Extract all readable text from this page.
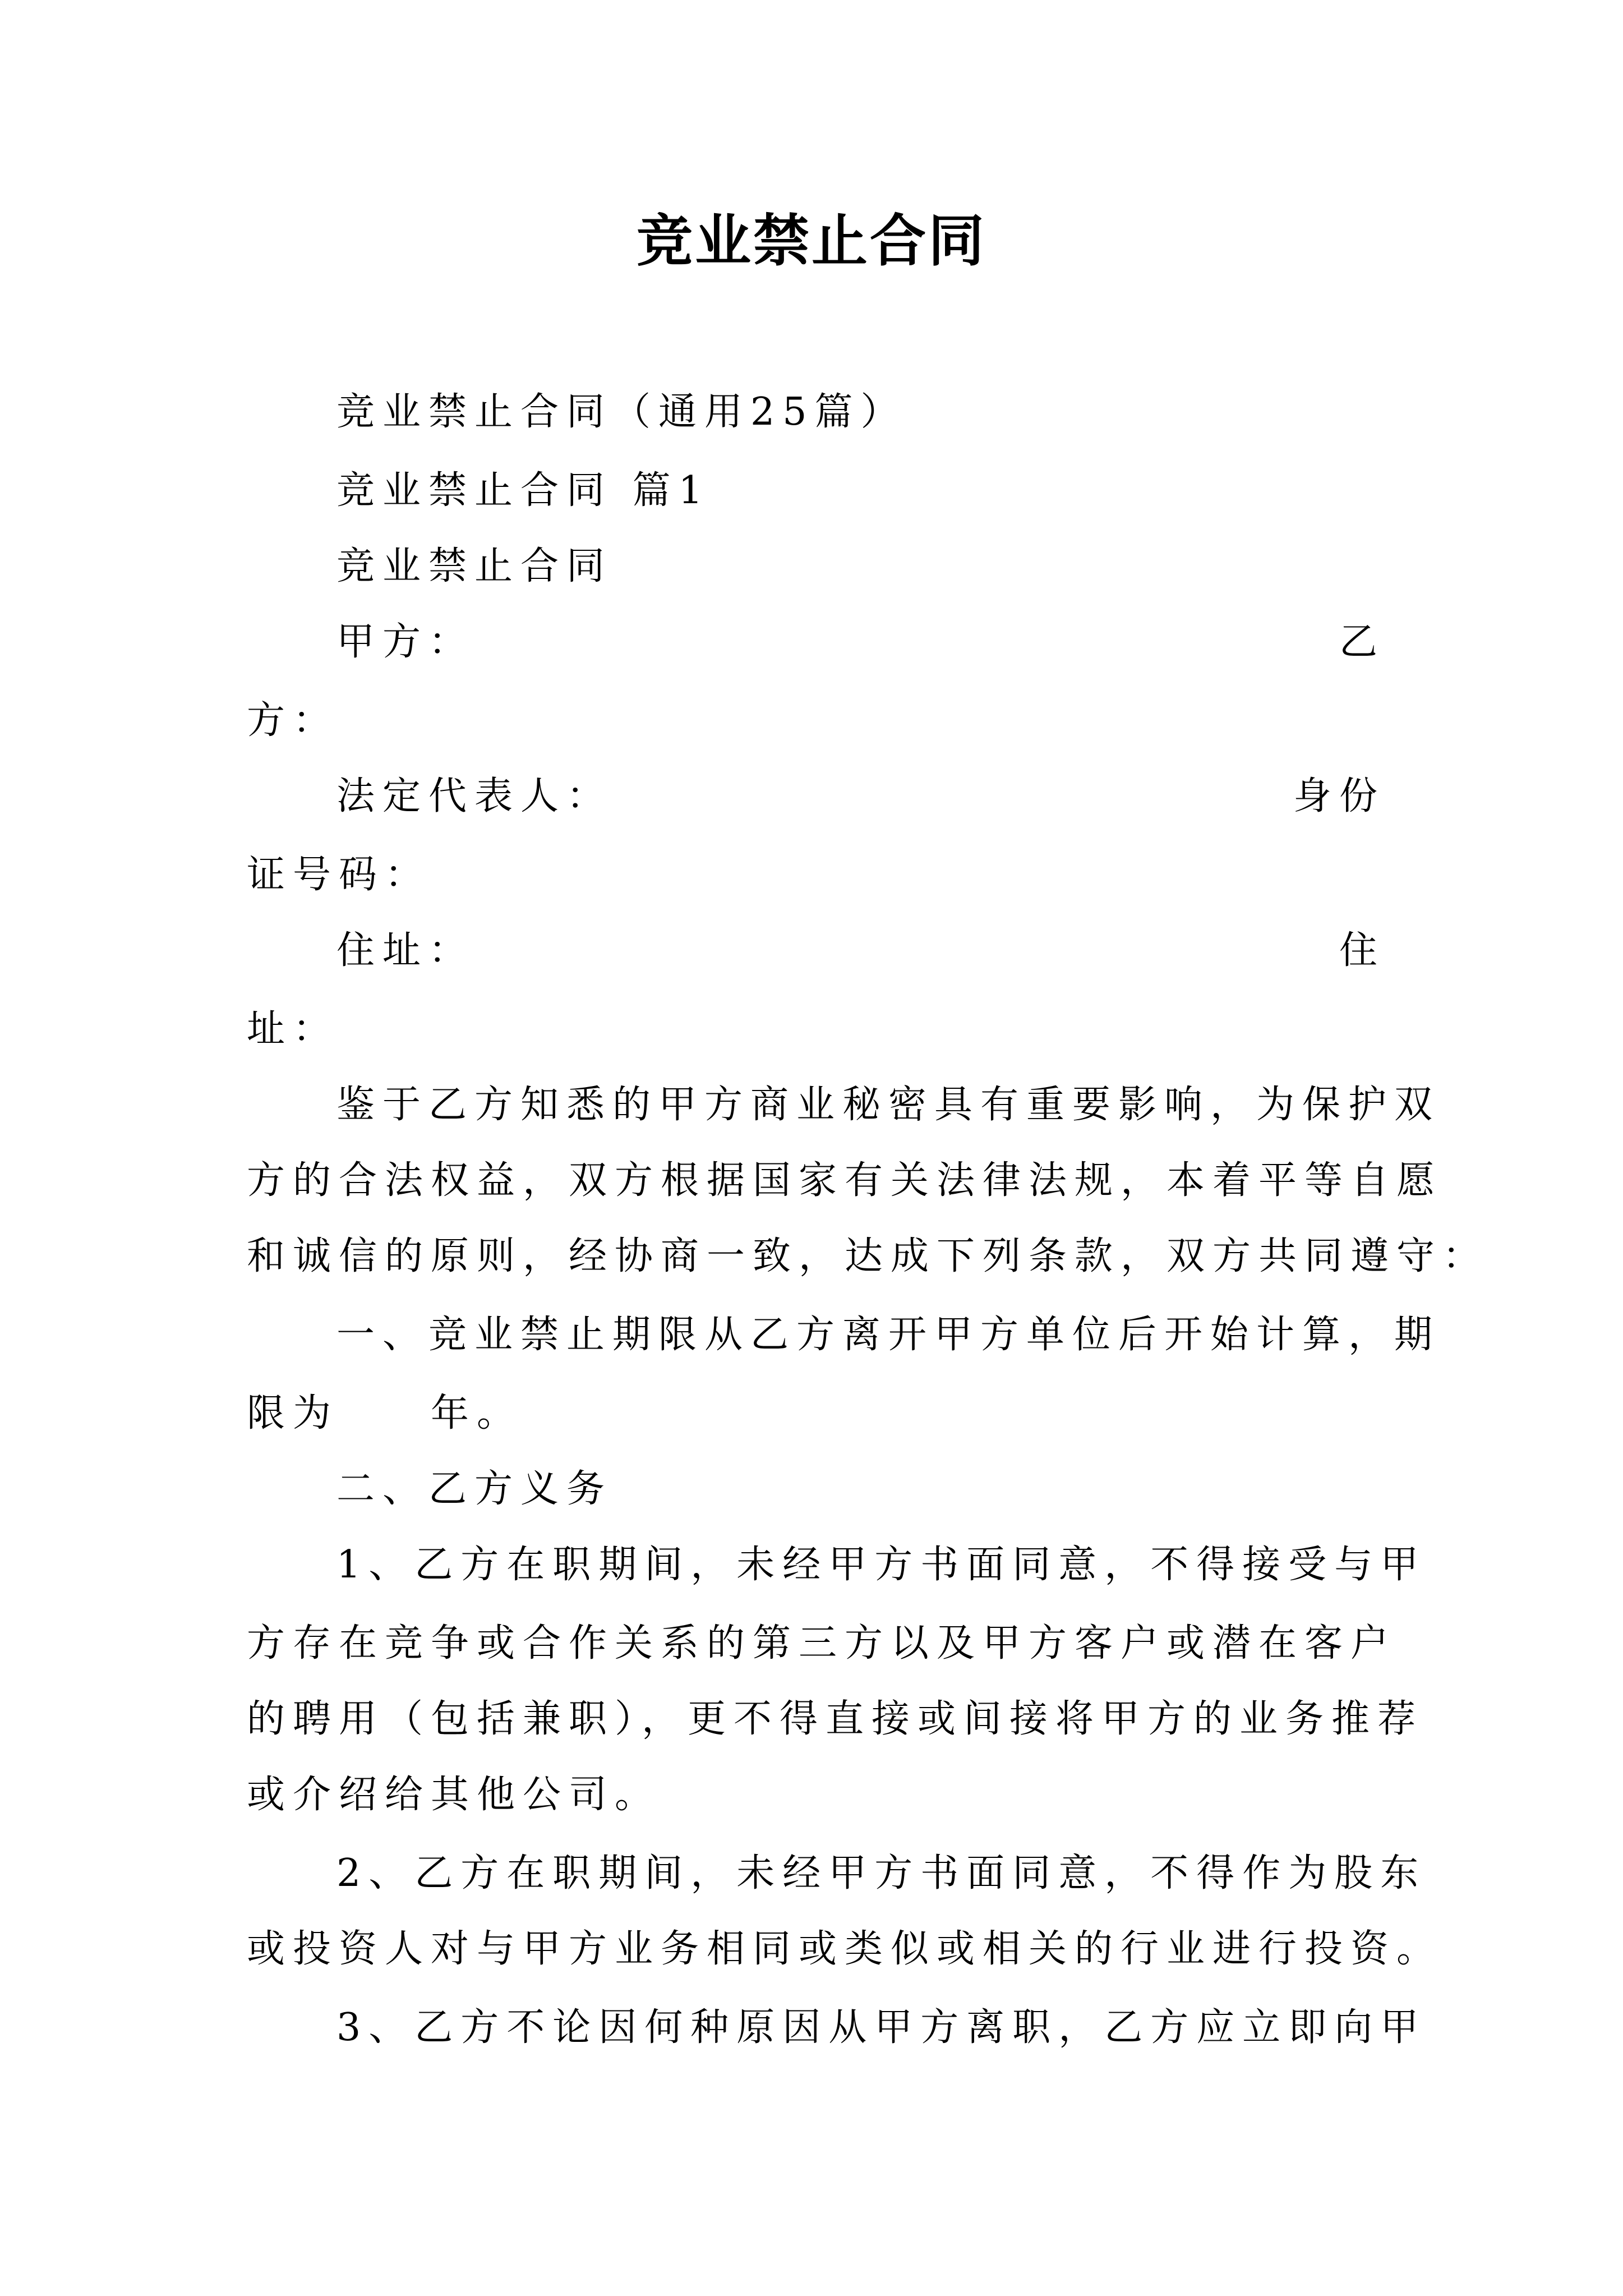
竞业禁止合同
竞业禁止合同（通用25篇）
竞业禁止合同 篇1
竞业禁止合同
甲方：	乙
方：
法定代表人：	身份
证号码：
住址：	住
址：
鉴于乙方知悉的甲方商业秘密具有重要影响，为保护双
方的合法权益，双方根据国家有关法律法规，本着平等自愿
和诚信的原则，经协商一致，达成下列条款，双方共同遵守：
一、竞业禁止期限从乙方离开甲方单位后开始计算，期
限为　　年。
二、乙方义务
1、乙方在职期间，未经甲方书面同意，不得接受与甲
方存在竞争或合作关系的第三方以及甲方客户或潜在客户
的聘用（包括兼职），更不得直接或间接将甲方的业务推荐
或介绍给其他公司。
2、乙方在职期间，未经甲方书面同意，不得作为股东
或投资人对与甲方业务相同或类似或相关的行业进行投资。
3、乙方不论因何种原因从甲方离职，乙方应立即向甲
